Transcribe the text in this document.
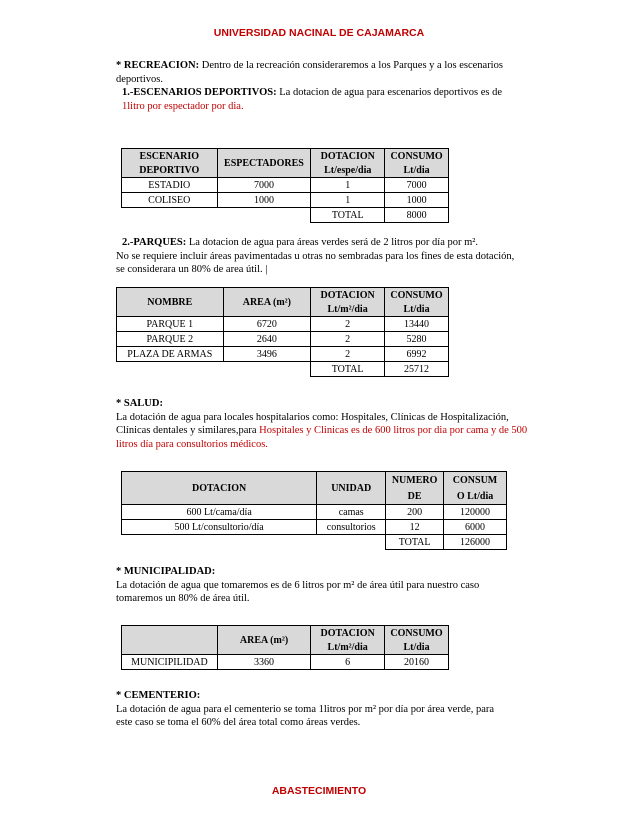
UNIVERSIDAD NACINAL DE CAJAMARCA
* RECREACION: Dentro de la recreación consideraremos a los Parques y a los escenarios deportivos.
1.-ESCENARIOS DEPORTIVOS: La dotacion de agua para escenarios deportivos es de 1litro por espectador por dia.
ESCENARIO	ESPECTADORES	DOTACION	CONSUMO
DEPORTIVO		Lt/espe/dia	Lt/dia
ESTADIO	7000	1	7000
COLISEO	1000	1	1000
		TOTAL	8000
2.-PARQUES: La dotacion de agua para áreas verdes será de 2 litros por día por m².
No se requiere incluir áreas pavimentadas u otras no sembradas para los fines de esta dotación,
se considerara un 80% de area útil. |
NOMBRE	AREA (m²)	DOTACION	CONSUMO
		Lt/m²/dia	Lt/dia
PARQUE 1	6720	2	13440
PARQUE 2	2640	2	5280
PLAZA DE ARMAS	3496	2	6992
		TOTAL	25712
* SALUD:
La dotación de agua para locales hospitalarios como: Hospitales, Clínicas de Hospitalización,
Clínicas dentales y similares,para Hospitales y Clinicas es de 600 litros por dia por cama y de 500
litros día para consultorios médicos.
DOTACION	UNIDAD	NUMERO	CONSUM
		DE	O Lt/dia
600 Lt/cama/día	camas	200	120000
500 Lt/consultorio/día	consultorios	12	6000
		TOTAL	126000
* MUNICIPALIDAD:
La dotación de agua que tomaremos es de 6 litros por m² de área útil para nuestro caso
tomaremos un 80% de área útil.
	AREA (m²)	DOTACION	CONSUMO
		Lt/m²/dia	Lt/dia
MUNICIPILIDAD	3360	6	20160
* CEMENTERIO:
La dotación de agua para el cementerio se toma 1litros por m² por día por área verde, para
este caso se toma el 60% del área total como áreas verdes.
ABASTECIMIENTO
